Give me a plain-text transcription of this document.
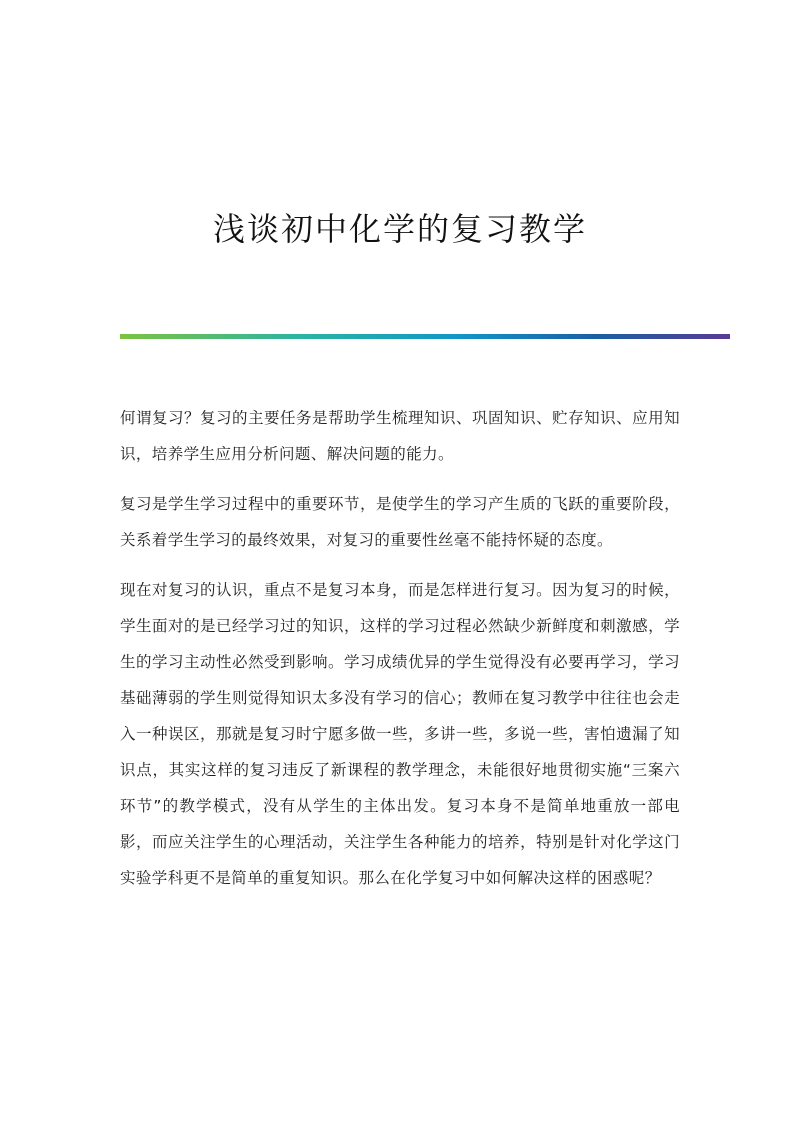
浅谈初中化学的复习教学

何谓复习？复习的主要任务是帮助学生梳理知识、巩固知识、贮存知识、应用知识，培养学生应用分析问题、解决问题的能力。

复习是学生学习过程中的重要环节，是使学生的学习产生质的飞跃的重要阶段，关系着学生学习的最终效果，对复习的重要性丝毫不能持怀疑的态度。

现在对复习的认识，重点不是复习本身，而是怎样进行复习。因为复习的时候，学生面对的是已经学习过的知识，这样的学习过程必然缺少新鲜度和刺激感，学生的学习主动性必然受到影响。学习成绩优异的学生觉得没有必要再学习，学习基础薄弱的学生则觉得知识太多没有学习的信心；教师在复习教学中往往也会走入一种误区，那就是复习时宁愿多做一些，多讲一些，多说一些，害怕遗漏了知识点，其实这样的复习违反了新课程的教学理念，未能很好地贯彻实施“三案六环节”的教学模式，没有从学生的主体出发。复习本身不是简单地重放一部电影，而应关注学生的心理活动，关注学生各种能力的培养，特别是针对化学这门实验学科更不是简单的重复知识。那么在化学复习中如何解决这样的困惑呢？
